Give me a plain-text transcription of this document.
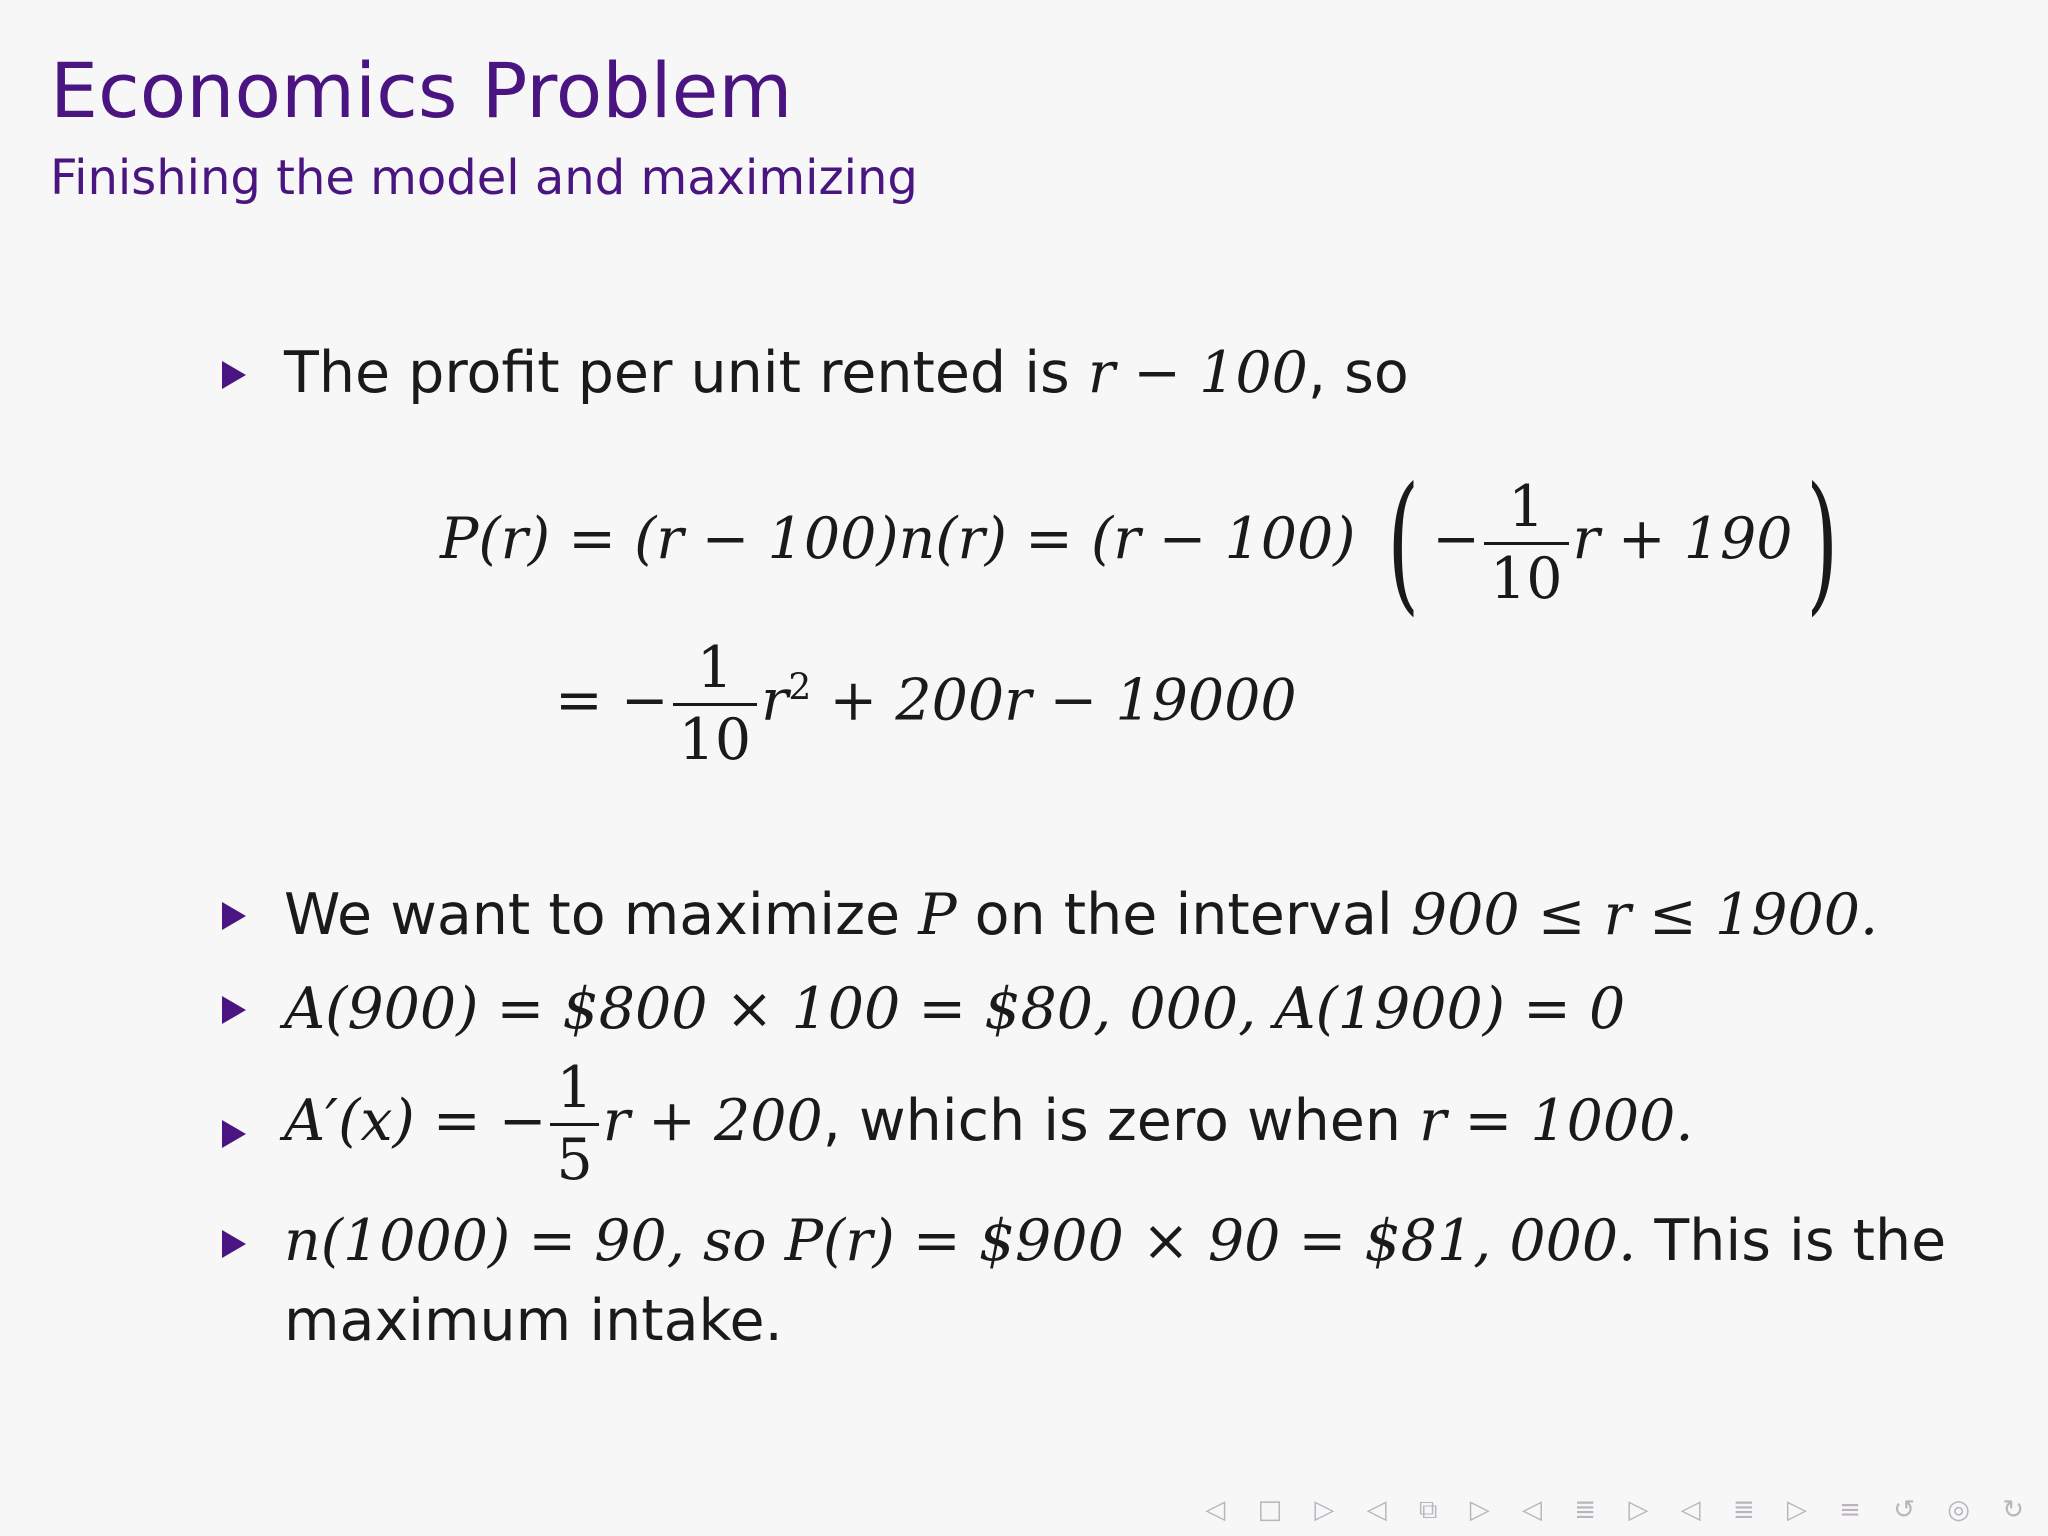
Economics Problem
Finishing the model and maximizing
The profit per unit rented is r − 100, so
P(r) = (r − 100)n(r) = (r − 100) ( − $\frac{1}{10}$ r + 190)
= − $\frac{1}{10} r^2 + 200r - 19000$
We want to maximize P on the interval 900 ≤ r ≤ 1900.
A(900) = $800 × 100 = $80, 000, A(1900) = 0
A′(x) = − $\frac{1}{5}$ r + 200, which is zero when r = 1000.
n(1000) = 90, so P(r) = $900 × 90 = $81, 000. This is the
maximum intake.
◁ □ ▷ ◁ ⧉ ▷ ◁ ≣ ▷ ◁ ≣ ▷ ≡ ↺ ◎ ↻
